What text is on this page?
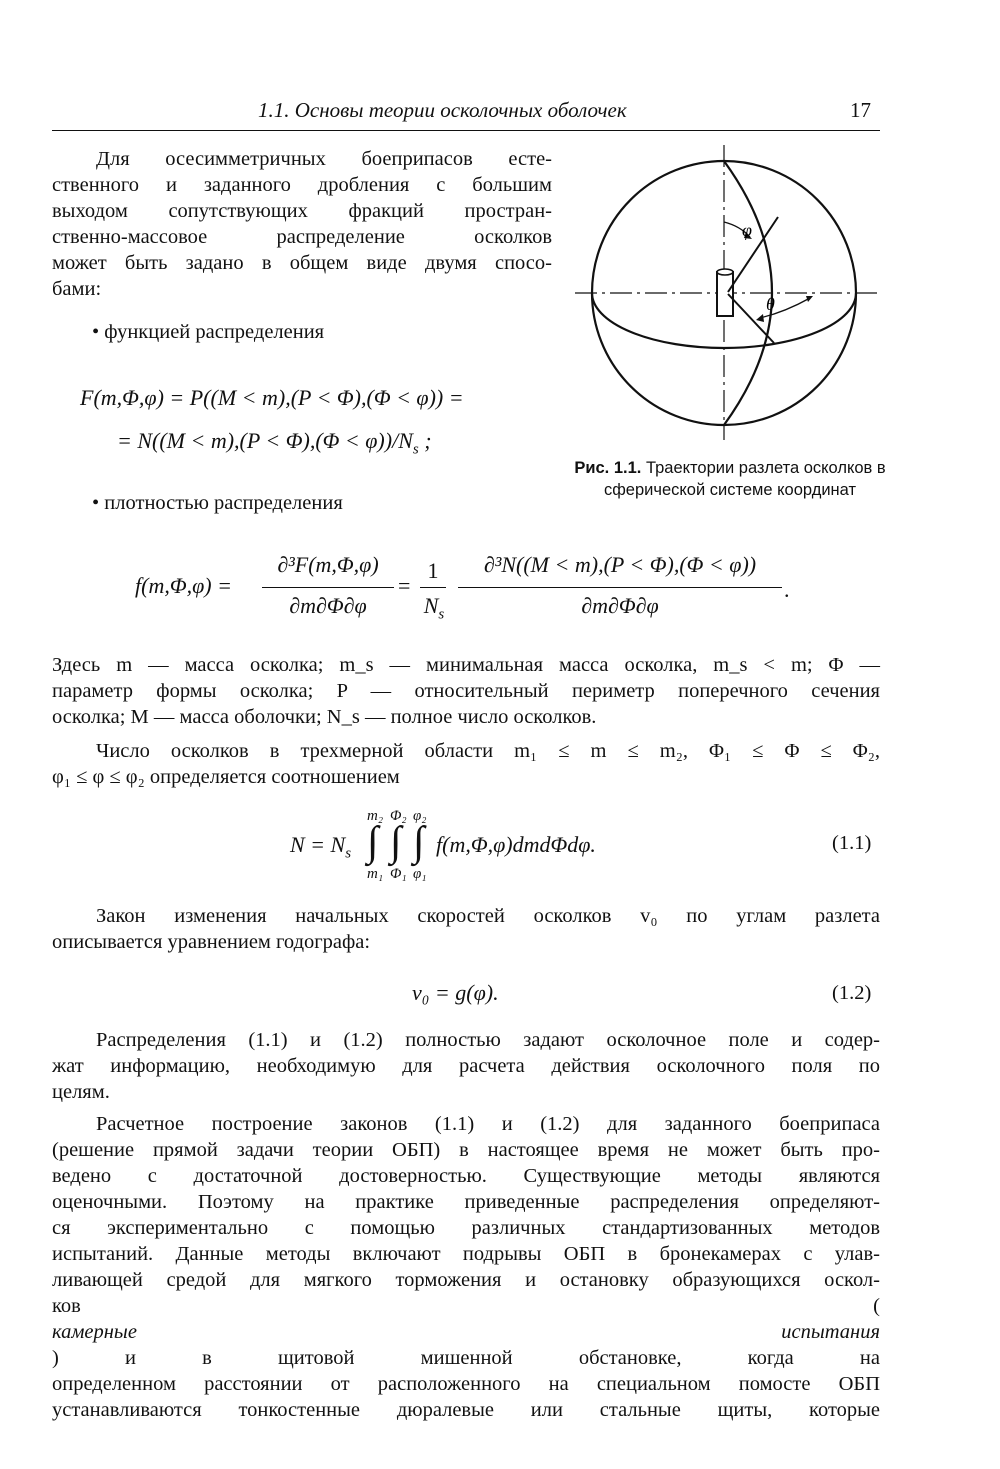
1.1. Основы теории осколочных оболочек	17
Для осесимметричных боеприпасов есте-
ственного и заданного дробления с большим
выходом сопутствующих фракций простран-
ственно-массовое распределение осколков
может быть задано в общем виде двумя спосо-
бами:
• функцией распределения
F(m,Φ,φ) = P((M < m),(P < Φ),(Φ < φ)) =
= $N((M < m),(P < \Phi),(\Phi < \varphi))/N_s$ ;
• плотностью распределения
φ
θ
Рис. 1.1. Траектории разлета осколков в сферической системе координат
f(m,Φ,φ) =
∂³F(m,Φ,φ)
∂m∂Φ∂φ
=
1
$N_s$
∂³N((M < m),(P < Φ),(Φ < φ))
∂m∂Φ∂φ
.
Здесь m — масса осколка; m_s — минимальная масса осколка, m_s < m; Φ —
параметр формы осколка; P — относительный периметр поперечного сечения
осколка; M — масса оболочки; N_s — полное число осколков.
Число осколков в трехмерной области m₁ ≤ m ≤ m₂, Φ₁ ≤ Φ ≤ Φ₂,
φ₁ ≤ φ ≤ φ₂ определяется соотношением
$N = N_s$ ∫ ∫ ∫
m₂ Φ₂ φ₂
m₁ Φ₁ φ₁
f(m,Φ,φ)dmdΦdφ.	(1.1)
Закон изменения начальных скоростей осколков v₀ по углам разлета
описывается уравнением годографа:
v₀ = g(φ).	(1.2)
Распределения (1.1) и (1.2) полностью задают осколочное поле и содер-
жат информацию, необходимую для расчета действия осколочного поля по
целям.
Расчетное построение законов (1.1) и (1.2) для заданного боеприпаса
(решение прямой задачи теории ОБП) в настоящее время не может быть про-
ведено с достаточной достоверностью. Существующие методы являются
оценочными. Поэтому на практике приведенные распределения определяют-
ся экспериментально с помощью различных стандартизованных методов
испытаний. Данные методы включают подрывы ОБП в бронекамерах с улав-
ливающей средой для мягкого торможения и остановку образующихся оскол-
ков (
камерные испытания
) и в щитовой мишенной обстановке, когда на
определенном расстоянии от расположенного на специальном помосте ОБП
устанавливаются тонкостенные дюралевые или стальные щиты, которые
